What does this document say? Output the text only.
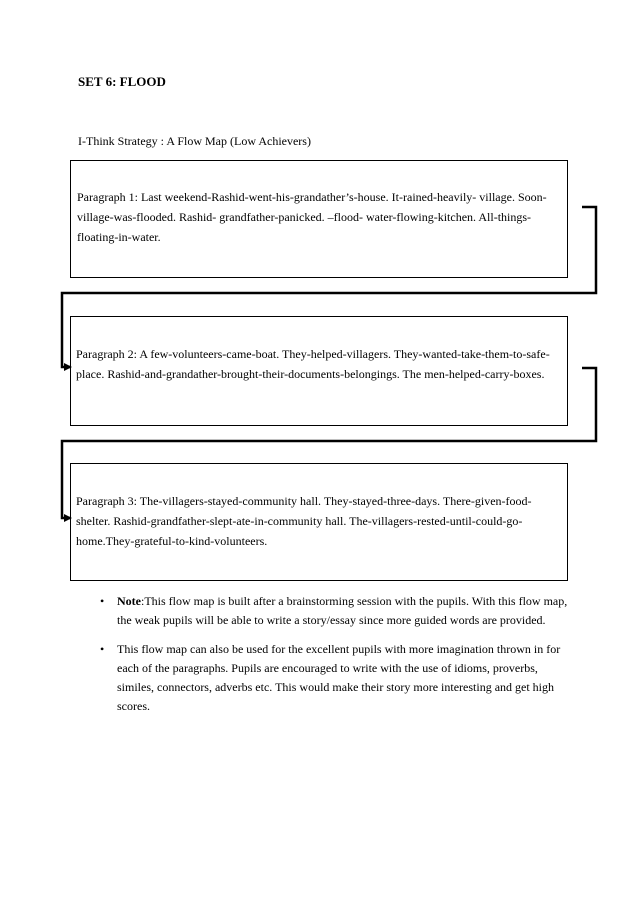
SET 6: FLOOD
I-Think Strategy : A Flow Map (Low Achievers)

Paragraph 1: Last weekend-Rashid-went-his-grandather’s-house. It-rained-heavily- village. Soon- village-was-flooded. Rashid- grandfather-panicked. –flood- water-flowing-kitchen. All-things-floating-in-water.

Paragraph 2: A few-volunteers-came-boat. They-helped-villagers. They-wanted-take-them-to-safe-place. Rashid-and-grandather-brought-their-documents-belongings. The men-helped-carry-boxes.

Paragraph 3: The-villagers-stayed-community hall. They-stayed-three-days. There-given-food-shelter. Rashid-grandfather-slept-ate-in-community hall. The-villagers-rested-until-could-go-home.They-grateful-to-kind-volunteers.

• Note:This flow map is built after a brainstorming session with the pupils. With this flow map, the weak pupils will be able to write a story/essay since more guided words are provided.
• This flow map can also be used for the excellent pupils with more imagination thrown in for each of the paragraphs. Pupils are encouraged to write with the use of idioms, proverbs, similes, connectors, adverbs etc. This would make their story more interesting and get high scores.
